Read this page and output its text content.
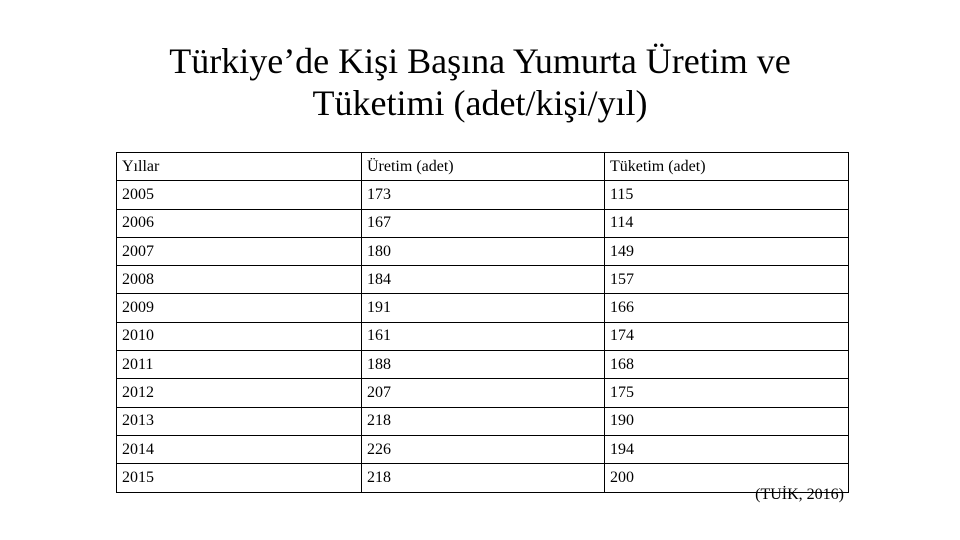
Türkiye’de Kişi Başına Yumurta Üretim ve
Tüketimi (adet/kişi/yıl)
Yıllar	Üretim (adet)	Tüketim (adet)
2005	173	115
2006	167	114
2007	180	149
2008	184	157
2009	191	166
2010	161	174
2011	188	168
2012	207	175
2013	218	190
2014	226	194
2015	218	200

(TUİK, 2016)
